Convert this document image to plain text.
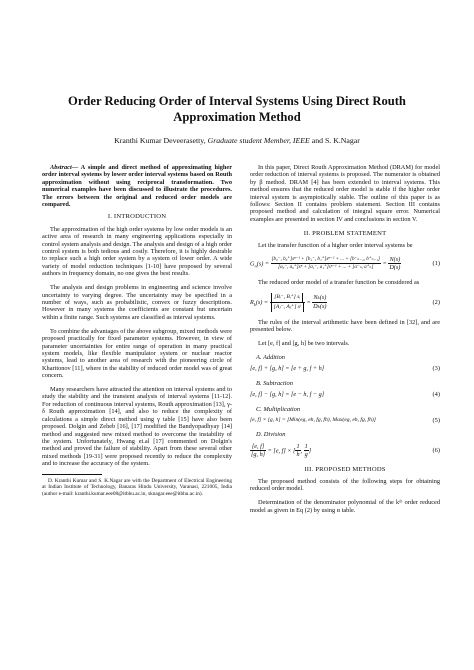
Order Reducing Order of Interval Systems Using Direct Routh Approximation Method
Kranthi Kumar Deveerasetty, Graduate student Member, IEEE and S. K.Nagar

Abstract— A simple and direct method of approximating higher order interval systems by lower order interval systems based on Routh approximation without using reciprocal transformation. Two numerical examples have been discussed to illustrate the procedures. The errors between the original and reduced order models are compared.

I. INTRODUCTION

The approximation of the high order systems by low order models is an active area of research in many engineering applications especially in control system analysis and design. The analysis and design of a high order control system is both tedious and costly. Therefore, it is highly desirable to replace such a high order system by a system of lower order. A wide variety of model reduction techniques [1-10] have proposed by several authors in frequency domain, no one gives the best results.

The analysis and design problems in engineering and science involve uncertainty to varying degree. The uncertainty may be specified in a number of ways, such as probabilistic, convex or fuzzy descriptions. However in many systems the coefficients are constant but uncertain within a finite range. Such systems are classified as interval systems.

To combine the advantages of the above subgroup, mixed methods were proposed practically for fixed parameter systems. However, in view of parameter uncertainties for entire range of operation in many practical system models, like flexible manipulator system or nuclear reactor systems, lead to another area of research with the pioneering circle of Kharitonov [11], where in the stability of reduced order model was of great concern.

Many researchers have attracted the attention on interval systems and to study the stability and the transient analysis of interval systems [11-12]. For reduction of continuous interval systems, Routh approximation [13], γ-δ Routh approximation [14], and also to reduce the complexity of calculations a simple direct method using γ table [15] have also been proposed. Dolgin and Zeheb [16], [17] modified the Bandyopadhyay [14] method and suggested new mixed method to overcome the instability of the system. Unfortunately, Hwang et.al [17] commented on Dolgin's method and proved the failure of stability. Apart from these several other mixed methods [19-31] were proposed recently to reduce the complexity and to increase the accuracy of the system.

D. Kranthi Kumar and S. K.Nagar are with the Department of Electrical Engineering at Indian Institute of Technology, Banaras Hindu University, Varanasi, 221005, India (author e-mail: kranthi.kumar.eee08@itbhu.ac.in, sknagar.eee@itbhu.ac.in).

In this paper, Direct Routh Approximation Method (DRAM) for model order reduction of interval systems is proposed. The numerator is obtained by β method. DRAM [4] has been extended to interval systems. This method ensures that the reduced order model is stable if the higher order interval system is asymptotically stable. The outline of this paper is as follows: Section II contains problem statement. Section III contains proposed method and calculation of integral square error. Numerical examples are presented in section IV and conclusions in section V.

II. PROBLEM STATEMENT

Let the transfer function of a higher order interval systems be

$G_n(s) = \frac{\text{[b₀⁻, b₀⁺]sⁿ⁻¹ + [b₁⁻, b₁⁺]sⁿ⁻² + ... + [b⁻ₙ₋₁, b⁺ₙ₋₁]}}{\text{[a₀⁻, a₀⁺]sⁿ + [a₁⁻, a₁⁺]sⁿ⁻¹ + ... + [a⁻ₙ, a⁺ₙ]}} = \frac{N(s)}{D(s)}$	(1)

The reduced order model of a transfer function be considered as

$R_k(s) = \frac{\text{[Bᵢ⁻, Bᵢ⁺] sᵢ}}{\text{[Aⱼ⁻, Aⱼ⁺] sʲ}} = \frac{\text{Nₖ(s)}}{\text{Dₖ(s)}}$	(2)

The rules of the interval arithmetic have been defined in [32], and are presented below.

Let [e, f] and [g, h] be two intervals.

A. Addition
[e, f] + [g, h] = [e + g, f + h]	(3)
B. Subtraction
[e, f] − [g, h] = [e − h, f − g]	(4)
C. Multiplication
[e, f] × [g, h] = [Min(eg, eh, fg, fh), Max(eg, eh, fg, fh)]	(5)
D. Division
$\frac{[e, f]}{[g, h]} = [e$, f] × [ $\frac{1}{h}$ , $\frac{1}{g}$ ]	(6)
III. PROPOSED METHODS

The proposed method consists of the following steps for obtaining reduced order model.

Determination of the denominator polynomial of the kᵗʰ order reduced model as given in Eq (2) by using α table.
